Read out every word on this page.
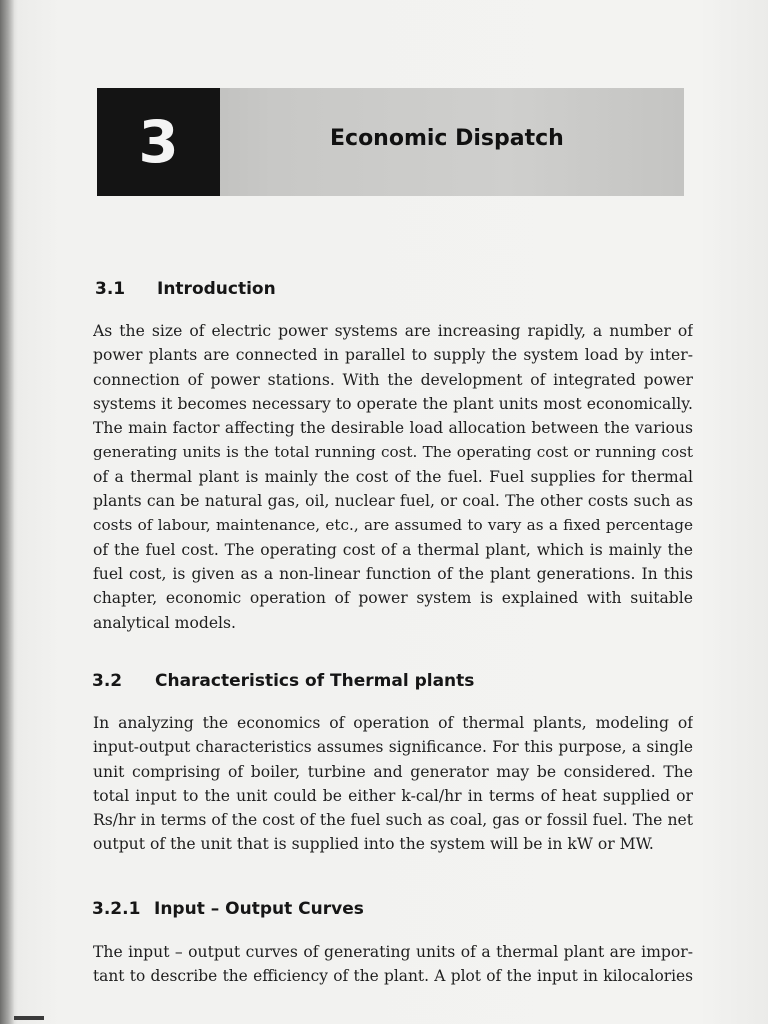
3	Economic Dispatch
3.1 Introduction
As the size of electric power systems are increasing rapidly, a number of
power plants are connected in parallel to supply the system load by inter-
connection of power stations. With the development of integrated power
systems it becomes necessary to operate the plant units most economically.
The main factor affecting the desirable load allocation between the various
generating units is the total running cost. The operating cost or running cost
of a thermal plant is mainly the cost of the fuel. Fuel supplies for thermal
plants can be natural gas, oil, nuclear fuel, or coal. The other costs such as
costs of labour, maintenance, etc., are assumed to vary as a fixed percentage
of the fuel cost. The operating cost of a thermal plant, which is mainly the
fuel cost, is given as a non-linear function of the plant generations. In this
chapter, economic operation of power system is explained with suitable
analytical models.
3.2 Characteristics of Thermal plants
In analyzing the economics of operation of thermal plants, modeling of
input-output characteristics assumes significance. For this purpose, a single
unit comprising of boiler, turbine and generator may be considered. The
total input to the unit could be either k-cal/hr in terms of heat supplied or
Rs/hr in terms of the cost of the fuel such as coal, gas or fossil fuel. The net
output of the unit that is supplied into the system will be in kW or MW.
3.2.1 Input – Output Curves
The input – output curves of generating units of a thermal plant are impor-
tant to describe the efficiency of the plant. A plot of the input in kilocalories
